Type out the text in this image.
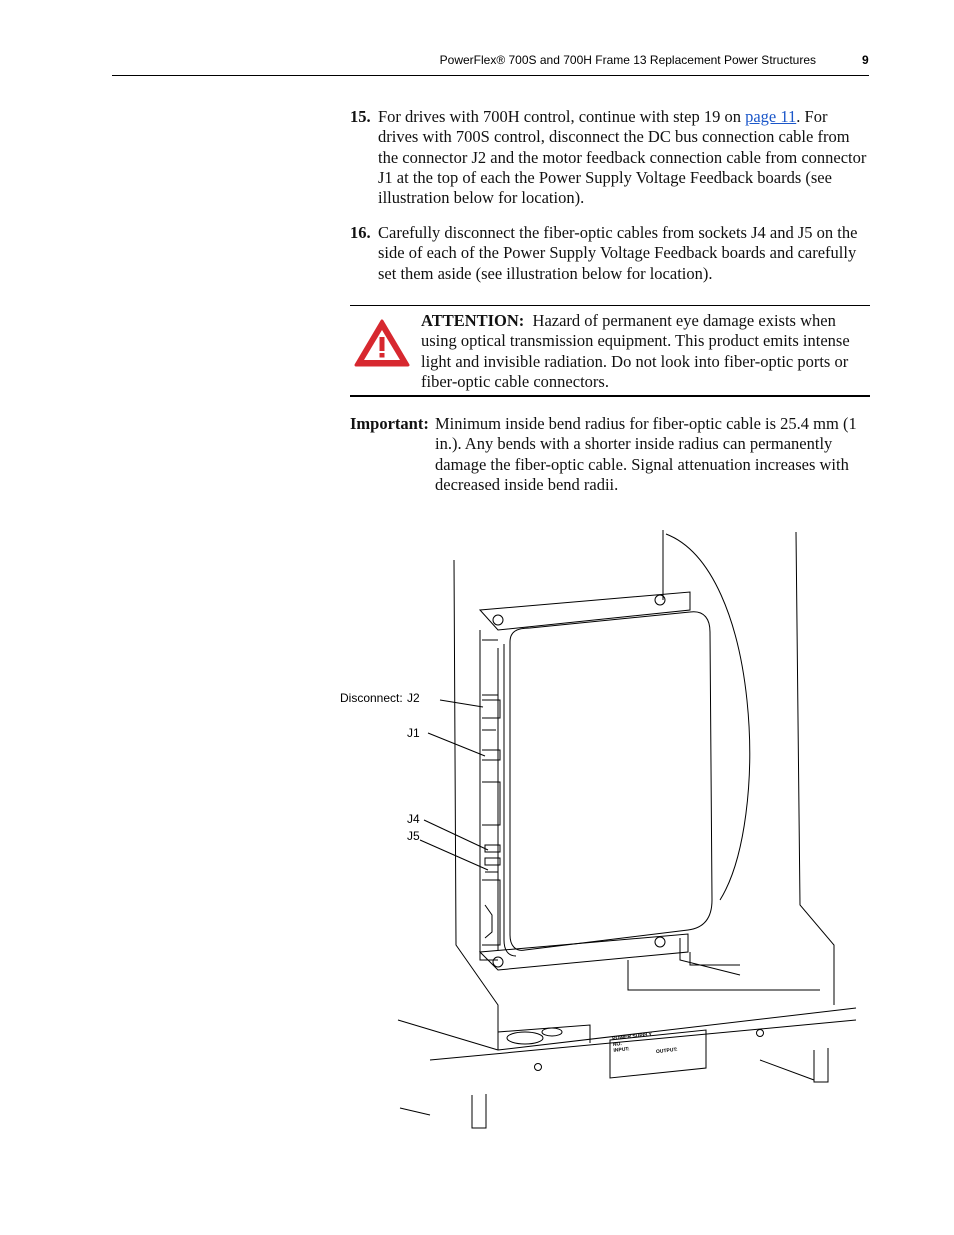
PowerFlex® 700S and 700H Frame 13 Replacement Power Structures	9
15. For drives with 700H control, continue with step 19 on page 11. For drives with 700S control, disconnect the DC bus connection cable from the connector J2 and the motor feedback connection cable from connector J1 at the top of each the Power Supply Voltage Feedback boards (see illustration below for location).
16. Carefully disconnect the fiber-optic cables from sockets J4 and J5 on the side of each of the Power Supply Voltage Feedback boards and carefully set them aside (see illustration below for location).
ATTENTION: Hazard of permanent eye damage exists when using optical transmission equipment. This product emits intense light and invisible radiation. Do not look into fiber-optic ports or fiber-optic cable connectors.
Important: Minimum inside bend radius for fiber-optic cable is 25.4 mm (1 in.). Any bends with a shorter inside radius can permanently damage the fiber-optic cable. Signal attenuation increases with decreased inside bend radii.
POWER SUPPLY
NO.
INPUT:	OUTPUT:
Disconnect: J2
J1
J4
J5
